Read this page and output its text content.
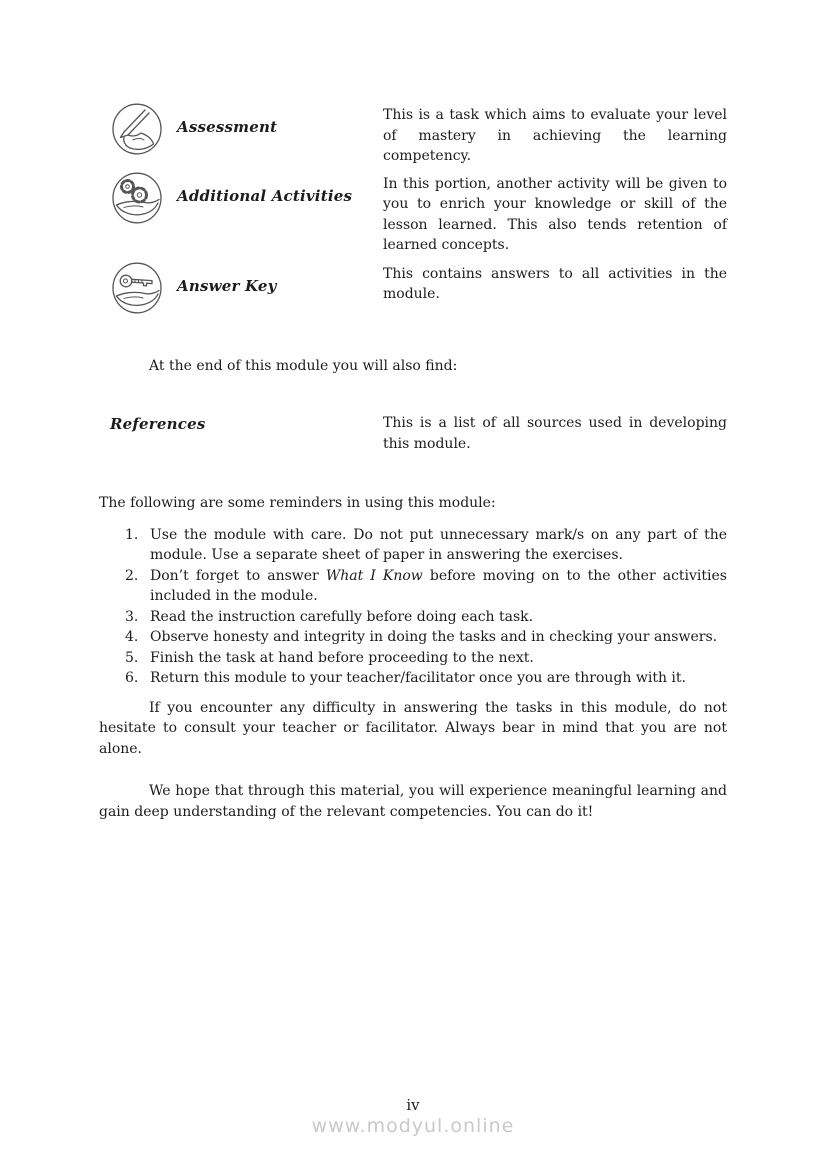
Assessment
This is a task which aims to evaluate your level of mastery in achieving the learning competency.
Additional Activities
In this portion, another activity will be given to you to enrich your knowledge or skill of the lesson learned. This also tends retention of learned concepts.
Answer Key
This contains answers to all activities in the module.

At the end of this module you will also find:

References	This is a list of all sources used in developing this module.

The following are some reminders in using this module:

1. Use the module with care. Do not put unnecessary mark/s on any part of the module. Use a separate sheet of paper in answering the exercises.
2. Don’t forget to answer What I Know before moving on to the other activities included in the module.
3. Read the instruction carefully before doing each task.
4. Observe honesty and integrity in doing the tasks and in checking your answers.
5. Finish the task at hand before proceeding to the next.
6. Return this module to your teacher/facilitator once you are through with it.

If you encounter any difficulty in answering the tasks in this module, do not hesitate to consult your teacher or facilitator. Always bear in mind that you are not alone.

We hope that through this material, you will experience meaningful learning and gain deep understanding of the relevant competencies. You can do it!

iv
www.modyul.online
